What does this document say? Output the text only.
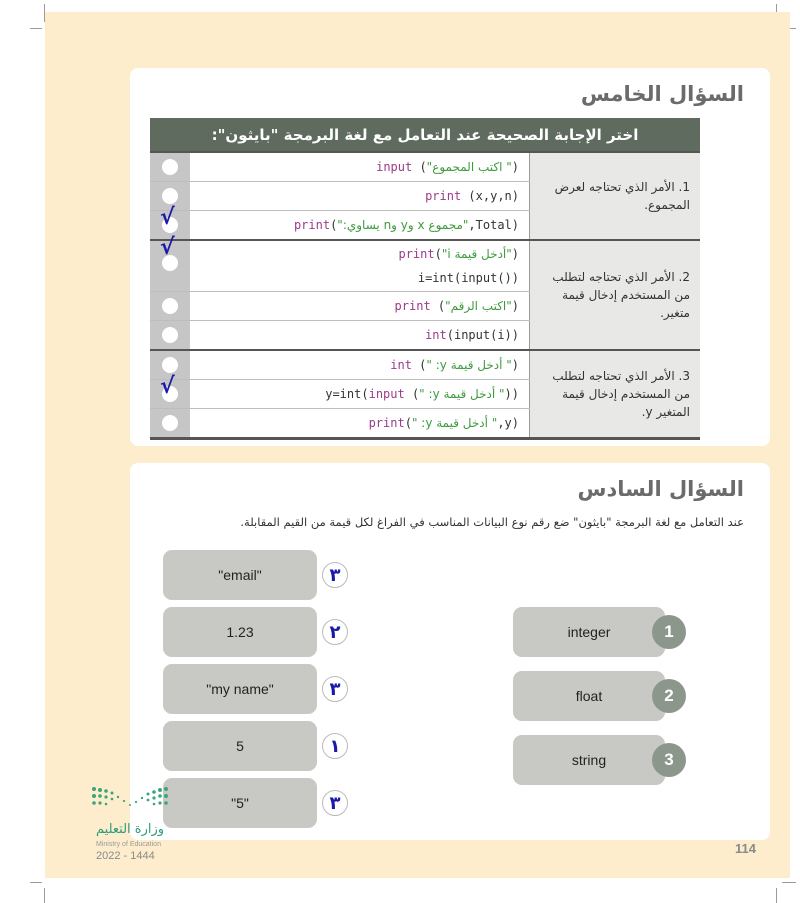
السؤال الخامس
اختر الإجابة الصحيحة عند التعامل مع لغة البرمجة "بايثون":
input (" اكتب المجموع")
print (x,y,n)
√	print("مجموع x وy وn يساوي:",Total)
1. الأمر الذي تحتاجه لعرض المجموع.
√	print("أدخل قيمة i")
i=int(input())
print ("اكتب الرقم")
int(input(i))
2. الأمر الذي تحتاجه لتطلب من المستخدم إدخال قيمة متغير.
int (" أدخل قيمة y: ")
√	y=int(input (" أدخل قيمة y: "))
print(" أدخل قيمة y: ",y)
3. الأمر الذي تحتاجه لتطلب من المستخدم إدخال قيمة المتغير y.
السؤال السادس
عند التعامل مع لغة البرمجة "بايثون" ضع رقم نوع البيانات المناسب في الفراغ لكل قيمة من القيم المقابلة.
"email"	٣
1.23	٢
"my name"	٣
5	١
"5"	٣
integer	1
float	2
string	3
وزارة التعليم
Ministry of Education
2022 - 1444	114
